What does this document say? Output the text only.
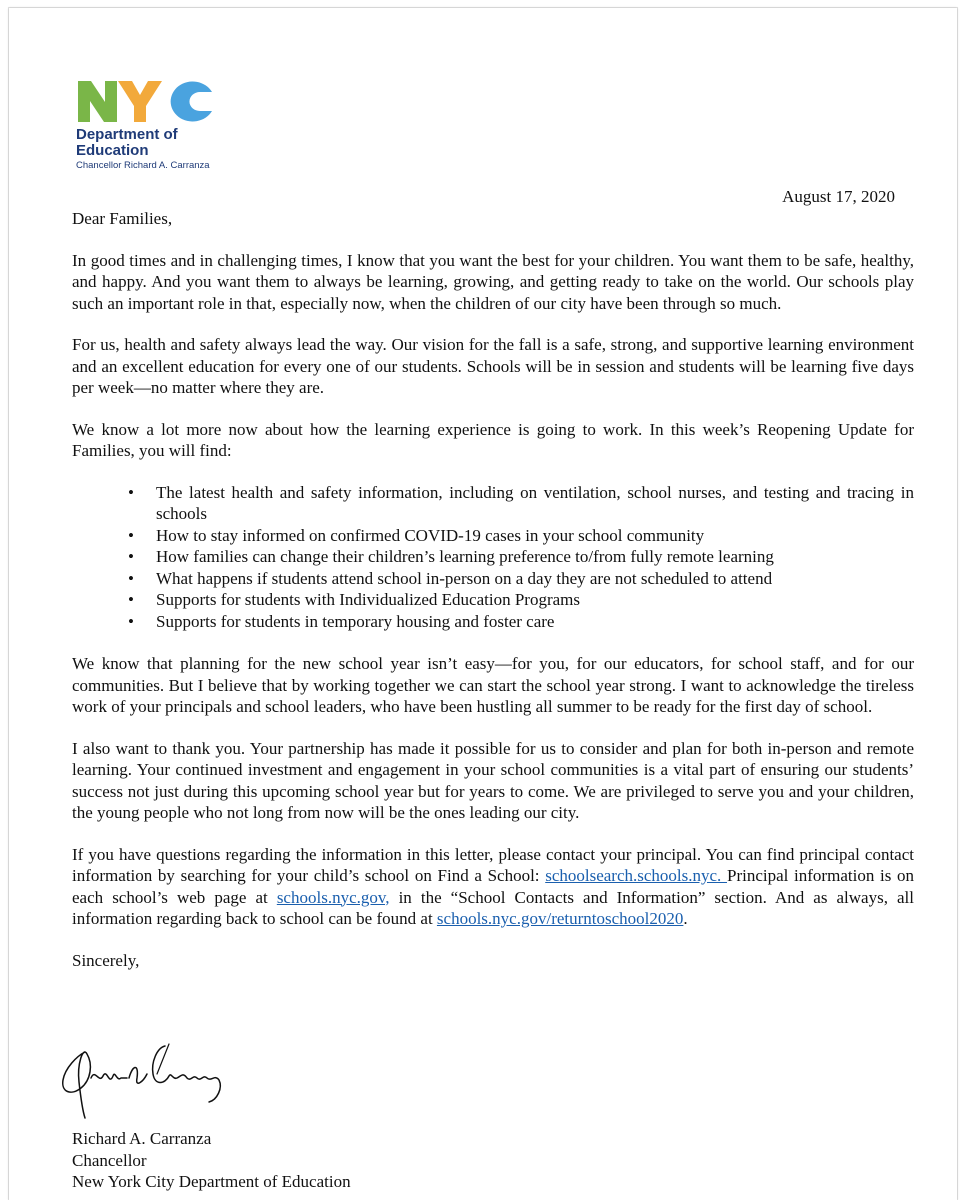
Department of Education
Chancellor Richard A. Carranza
August 17, 2020

Dear Families,

In good times and in challenging times, I know that you want the best for your children. You want them to be safe, healthy, and happy. And you want them to always be learning, growing, and getting ready to take on the world. Our schools play such an important role in that, especially now, when the children of our city have been through so much.

For us, health and safety always lead the way. Our vision for the fall is a safe, strong, and supportive learning environment and an excellent education for every one of our students. Schools will be in session and students will be learning five days per week—no matter where they are.

We know a lot more now about how the learning experience is going to work. In this week’s Reopening Update for Families, you will find:

• The latest health and safety information, including on ventilation, school nurses, and testing and tracing in schools
• How to stay informed on confirmed COVID-19 cases in your school community
• How families can change their children’s learning preference to/from fully remote learning
• What happens if students attend school in-person on a day they are not scheduled to attend
• Supports for students with Individualized Education Programs
• Supports for students in temporary housing and foster care

We know that planning for the new school year isn’t easy—for you, for our educators, for school staff, and for our communities. But I believe that by working together we can start the school year strong. I want to acknowledge the tireless work of your principals and school leaders, who have been hustling all summer to be ready for the first day of school.

I also want to thank you. Your partnership has made it possible for us to consider and plan for both in-person and remote learning. Your continued investment and engagement in your school communities is a vital part of ensuring our students’ success not just during this upcoming school year but for years to come. We are privileged to serve you and your children, the young people who not long from now will be the ones leading our city.

If you have questions regarding the information in this letter, please contact your principal. You can find principal contact information by searching for your child’s school on Find a School: schoolsearch.schools.nyc. Principal information is on each school’s web page at schools.nyc.gov, in the “School Contacts and Information” section. And as always, all information regarding back to school can be found at schools.nyc.gov/returntoschool2020.

Sincerely,

Richard A. Carranza
Chancellor
New York City Department of Education
